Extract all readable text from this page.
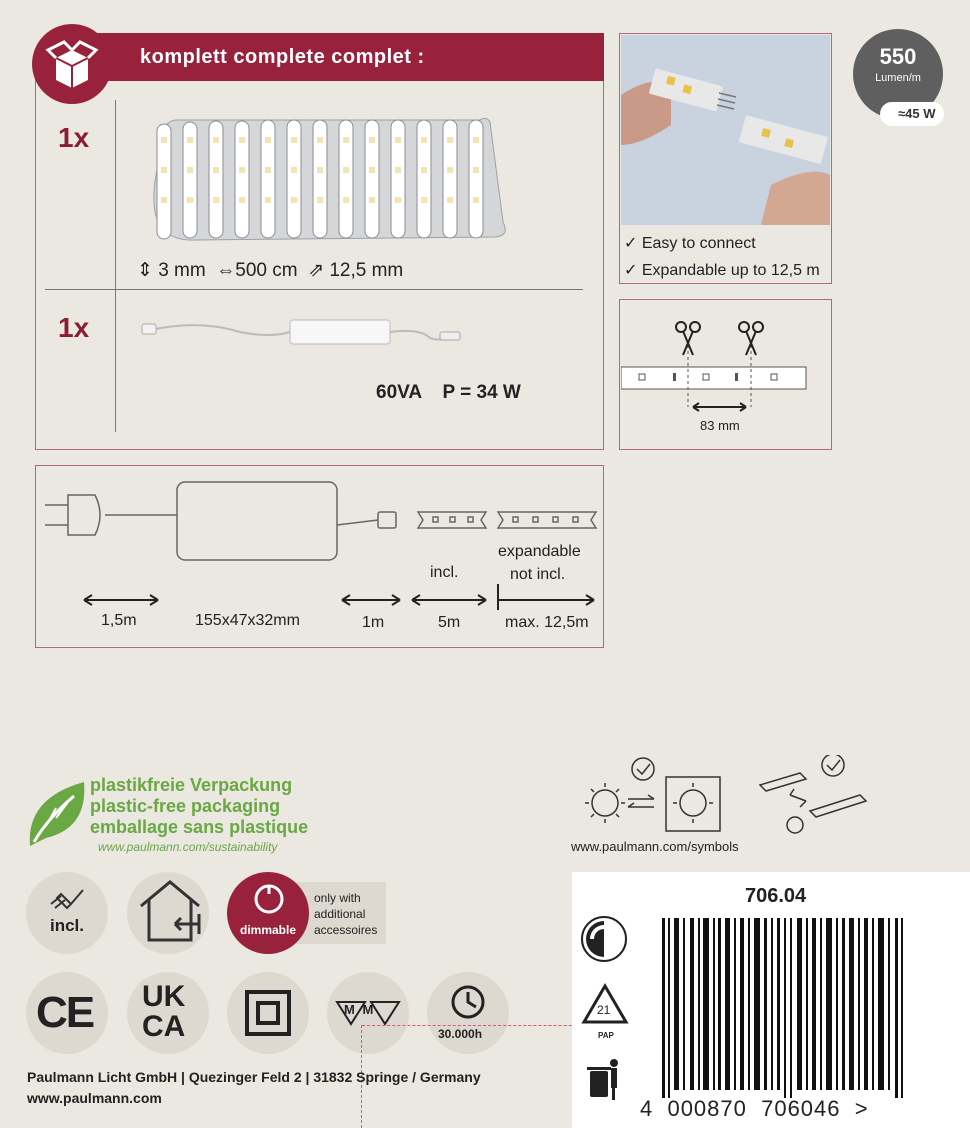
komplett complete complet :
1x
1x
⇕ 3 mm ⇔500 cm ⇗ 12,5 mm
60VA    P = 34 W
✓ Easy to connect
✓ Expandable up to 12,5 m
550
Lumen/m
≈45 W
83 mm
1,5m	155x47x32mm	1m
incl.
5m
expandable
not incl.
max. 12,5m
plastikfreie Verpackung
plastic-free packaging
emballage sans plastique
www.paulmann.com/sustainability	www.paulmann.com/symbols
incl.	dimmable
only with additional accessoires
CE UK
CA
M M
30.000h
Paulmann Licht GmbH | Quezinger Feld 2 | 31832 Springe / Germany
www.paulmann.com
706.04
21
PAP
4  000870  706046  >
